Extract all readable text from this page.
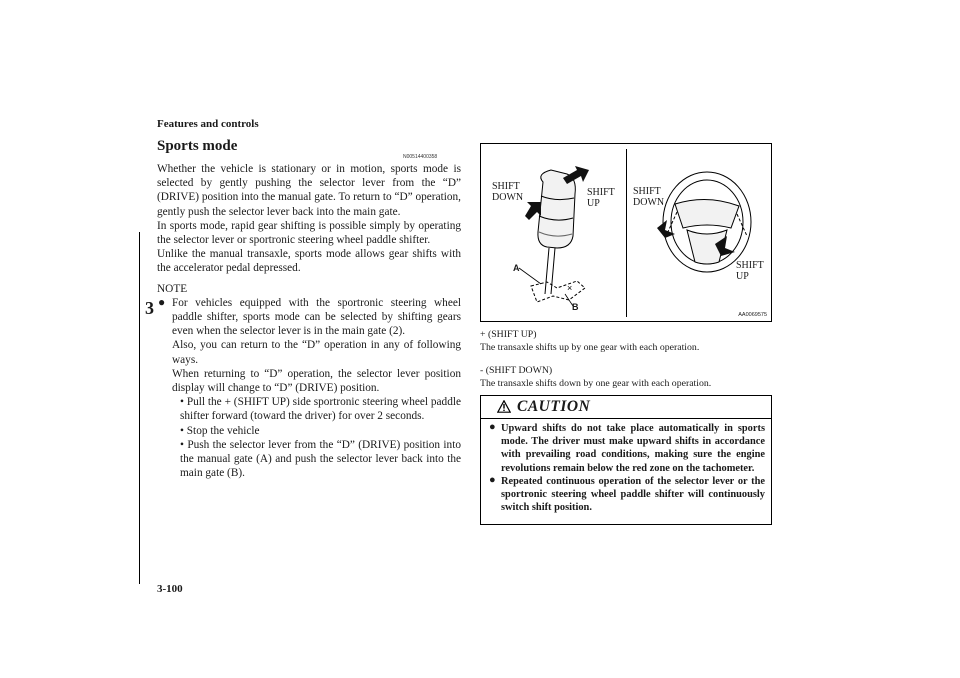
Features and controls
3
3-100
Sports mode
N00514400358

Whether the vehicle is stationary or in motion, sports mode is selected by gently pushing the selector lever from the “D” (DRIVE) position into the manual gate. To return to “D” operation, gently push the selector lever back into the main gate.

In sports mode, rapid gear shifting is possible simply by operating the selector lever or sportronic steering wheel paddle shifter.

Unlike the manual transaxle, sports mode allows gear shifts with the accelerator pedal depressed.

NOTE

● For vehicles equipped with the sportronic steering wheel paddle shifter, sports mode can be selected by shifting gears even when the selector lever is in the main gate (2).

Also, you can return to the “D” operation in any of following ways.

When returning to “D” operation, the selector lever position display will change to “D” (DRIVE) position.

• Pull the + (SHIFT UP) side sportronic steering wheel paddle shifter forward (toward the driver) for over 2 seconds.

• Stop the vehicle

• Push the selector lever from the “D” (DRIVE) position into the manual gate (A) and push the selector lever back into the main gate (B).

×
SHIFT
DOWN	SHIFT
UP
A
B
SHIFT
DOWN
SHIFT
UP
AA0069575

+ (SHIFT UP)

The transaxle shifts up by one gear with each operation.

- (SHIFT DOWN)

The transaxle shifts down by one gear with each operation.

CAUTION
● Upward shifts do not take place automatically in sports mode. The driver must make upward shifts in accordance with prevailing road conditions, making sure the engine revolutions remain below the red zone on the tachometer.
● Repeated continuous operation of the selector lever or the sportronic steering wheel paddle shifter will continuously switch shift position.
